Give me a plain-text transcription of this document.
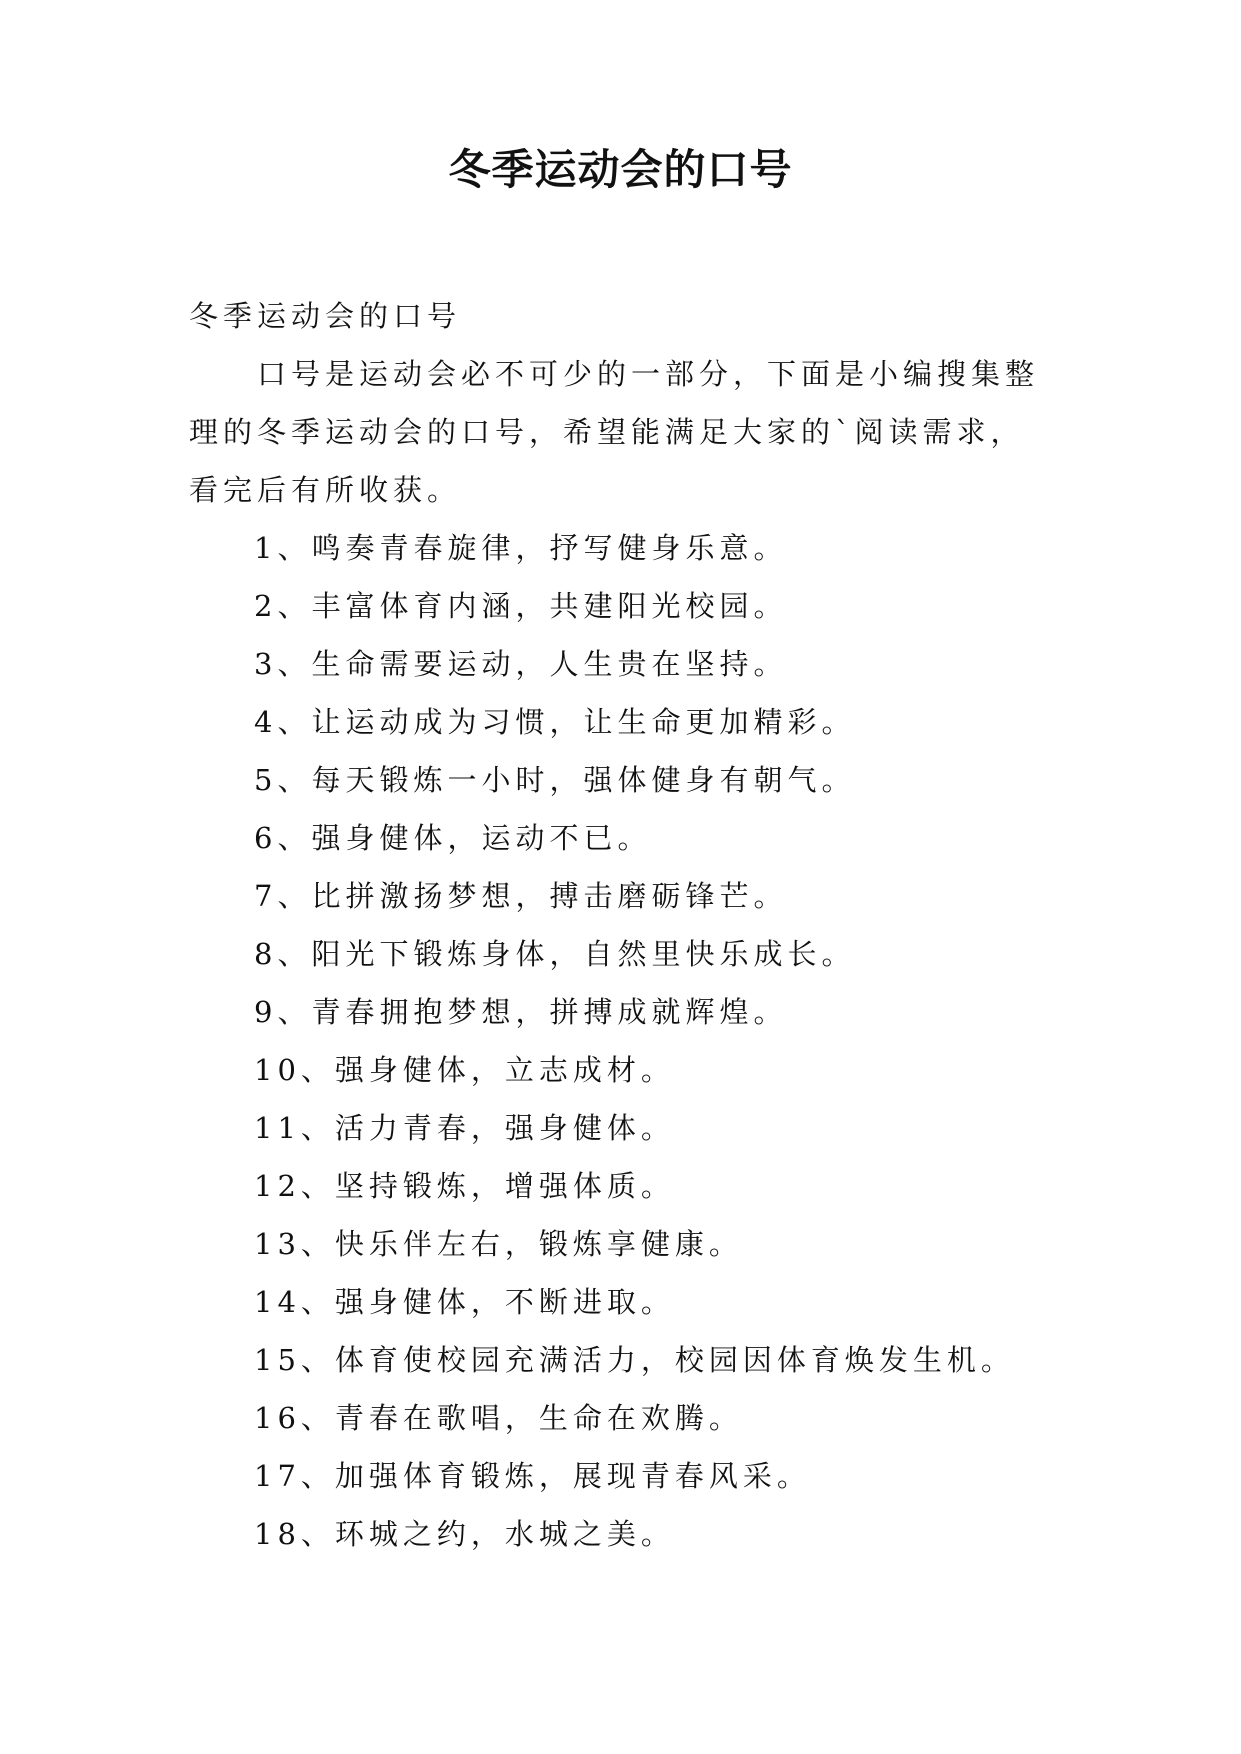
冬季运动会的口号

冬季运动会的口号

口号是运动会必不可少的一部分，下面是小编搜集整理的冬季运动会的口号，希望能满足大家的`阅读需求，看完后有所收获。

1、鸣奏青春旋律，抒写健身乐意。
2、丰富体育内涵，共建阳光校园。
3、生命需要运动，人生贵在坚持。
4、让运动成为习惯，让生命更加精彩。
5、每天锻炼一小时，强体健身有朝气。
6、强身健体，运动不已。
7、比拼激扬梦想，搏击磨砺锋芒。
8、阳光下锻炼身体，自然里快乐成长。
9、青春拥抱梦想，拼搏成就辉煌。
10、强身健体，立志成材。
11、活力青春，强身健体。
12、坚持锻炼，增强体质。
13、快乐伴左右，锻炼享健康。
14、强身健体，不断进取。
15、体育使校园充满活力，校园因体育焕发生机。
16、青春在歌唱，生命在欢腾。
17、加强体育锻炼，展现青春风采。
18、环城之约，水城之美。
